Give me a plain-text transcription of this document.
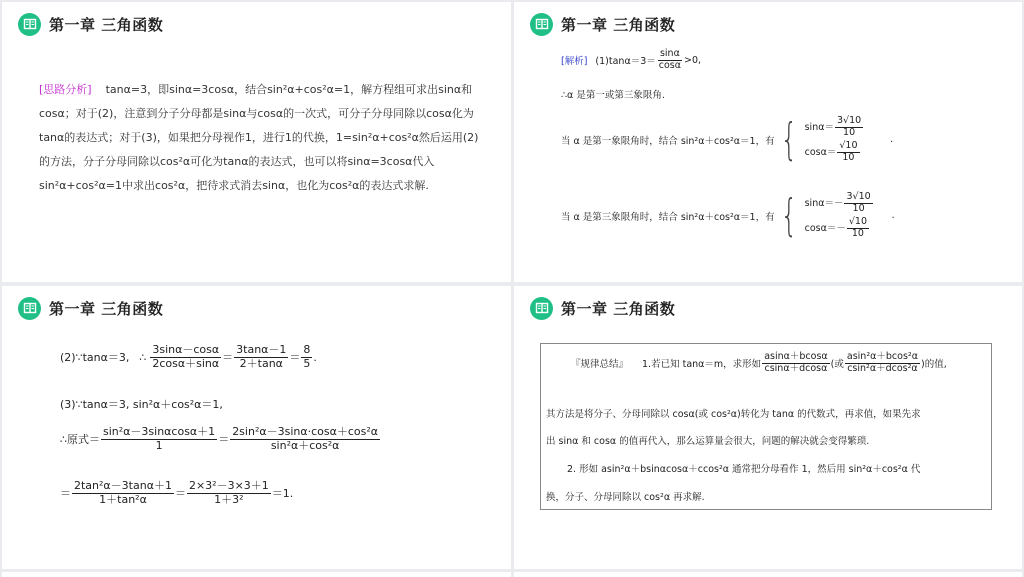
第一章 三角函数
[思路分析] tanα=3，即sinα=3cosα，结合sin²α+cos²α=1，解方程组可求出sinα和cosα；对于(2)，注意到分子分母都是sinα与cosα的一次式，可分子分母同除以cosα化为tanα的表达式；对于(3)，如果把分母视作1，进行1的代换，1=sin²α+cos²α然后运用(2)的方法，分子分母同除以cos²α可化为tanα的表达式，也可以将sinα=3cosα代入sin²α+cos²α=1中求出cos²α，把待求式消去sinα，也化为cos²α的表达式求解.
第一章 三角函数
[解析] $(1)\tan\alpha=3= \frac{\sin\alpha}{\cos\alpha} >0$,
∴α 是第一或第三象限角.
当 α 是第一象限角时，结合 sin²α＋cos²α＝1，有 { $\sin\alpha= \frac{3√10}{10}$
$\cos\alpha= \frac{√10}{10}$
.
当 α 是第三象限角时，结合 sin²α＋cos²α＝1，有 { $\sin\alpha=- \frac{3√10}{10}$
$\cos\alpha=- \frac{√10}{10}$
.
第一章 三角函数
(2)∵tanα＝3, ∴ $\frac{3\sin\alpha-\cos\alpha}{2\cos\alpha+\sin\alpha} = \frac{3\tan\alpha-1}{2+\tan\alpha} = \frac{8}{5}$ .
(3)∵tanα＝3, sin²α＋cos²α＝1,
∴原式＝ $\frac{\text{sin²α－3sinαcosα＋1}}{1} = \frac{\text{2sin²α－3sinα·cosα＋cos²α}}{\text{sin²α＋cos²α}}$
＝ $\frac{\text{2tan²α－3tanα＋1}}{\text{1＋tan²α}} = \frac{\text{2×3²－3×3＋1}}{\text{1＋3²}} =1$.
第一章 三角函数
『规律总结』 1.若已知 tanα＝m，求形如 $\frac{asin\alpha+bcos\alpha}{csin\alpha+dcos\alpha}$ (或 $\frac{\text{asin²α＋bcos²α}}{\text{csin²α＋dcos²α}}$ )的值,
其方法是将分子、分母同除以 cosα(或 cos²α)转化为 tanα 的代数式，再求值，如果先求
出 sinα 和 cosα 的值再代入，那么运算量会很大，问题的解决就会变得繁琐.
2. 形如 asin²α＋bsinαcosα＋ccos²α 通常把分母看作 1，然后用 sin²α＋cos²α 代
换，分子、分母同除以 cos²α 再求解.
